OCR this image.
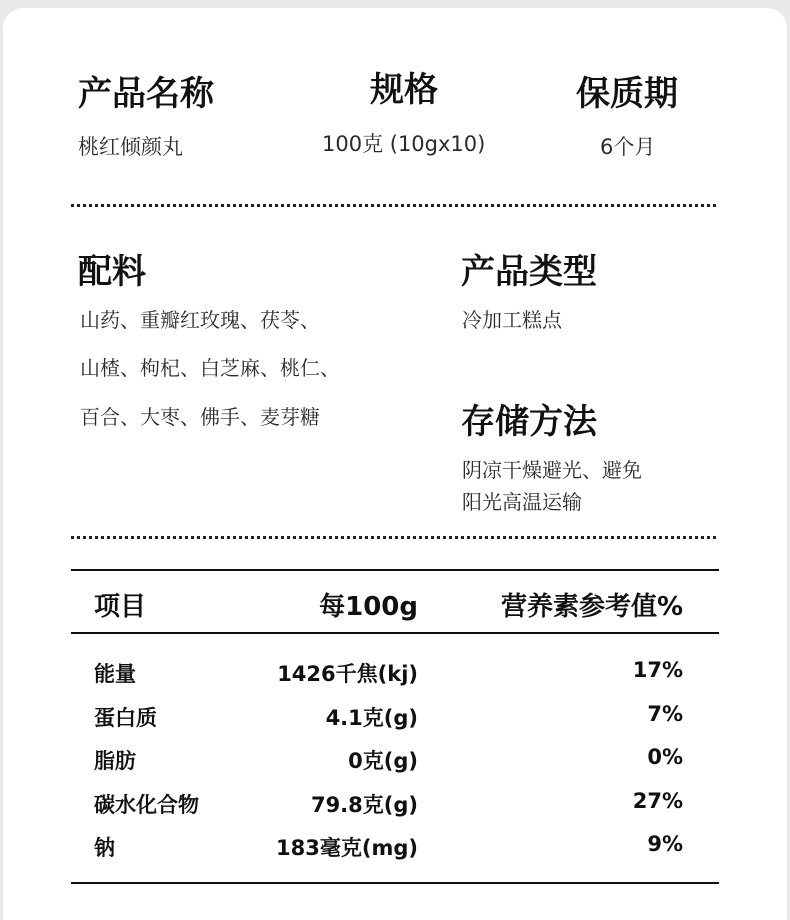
产品名称	规格	保质期
桃红倾颜丸	100克 (10gx10)	6个月
配料
山药、重瓣红玫瑰、茯苓、
山楂、枸杞、白芝麻、桃仁、
百合、大枣、佛手、麦芽糖
产品类型
冷加工糕点
存储方法
阴凉干燥避光、避免
阳光高温运输
项目	每100g	营养素参考值%
能量	1426千焦(kj)	17%
蛋白质	4.1克(g)	7%
脂肪	0克(g)	0%
碳水化合物	79.8克(g)	27%
钠	183毫克(mg)	9%
